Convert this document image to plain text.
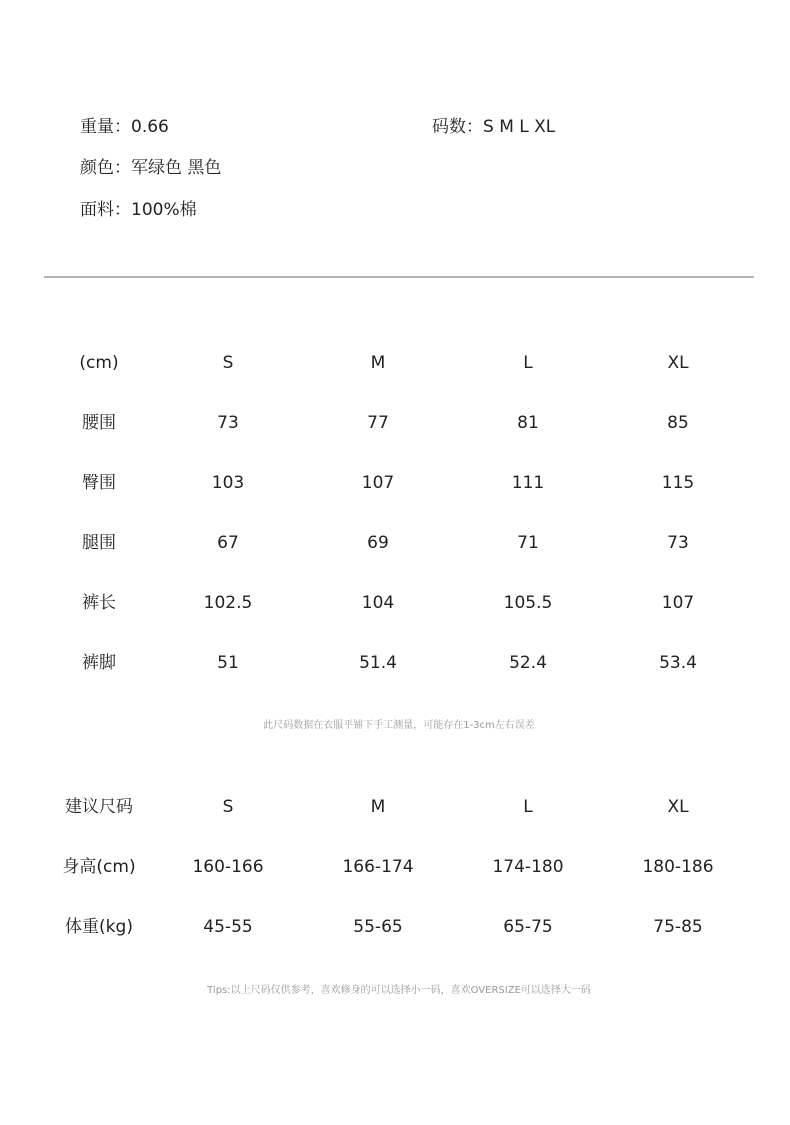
重量：0.66	码数：S M L XL
颜色：军绿色 黑色
面料：100%棉
(cm)	S	M	L	XL
腰围	73	77	81	85
臀围	103	107	111	115
腿围	67	69	71	73
裤长	102.5	104	105.5	107
裤脚	51	51.4	52.4	53.4
此尺码数据在衣服平铺下手工测量，可能存在1-3cm左右误差
建议尺码	S	M	L	XL
身高(cm)	160-166	166-174	174-180	180-186
体重(kg)	45-55	55-65	65-75	75-85
Tips:以上尺码仅供参考，喜欢修身的可以选择小一码，喜欢OVERSIZE可以选择大一码
